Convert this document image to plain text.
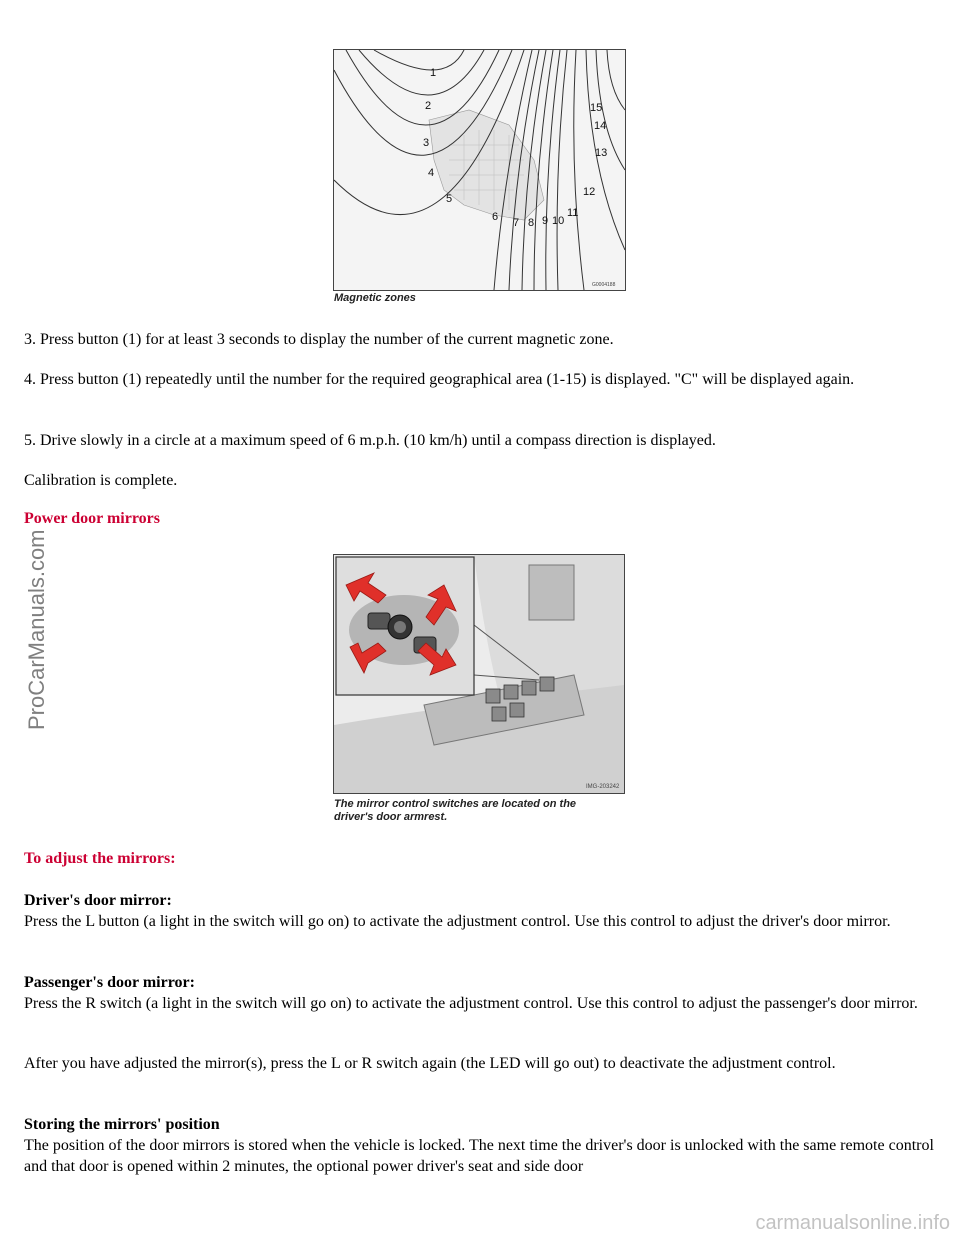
1
2
3
4
5
6 7 8 9 10
11
12
13
14
15
G0004188
Magnetic zones

3. Press button (1) for at least 3 seconds to display the number of the current magnetic zone.

4. Press button (1) repeatedly until the number for the required geographical area (1-15) is displayed. "C" will be displayed again.

5. Drive slowly in a circle at a maximum speed of 6 m.p.h. (10 km/h) until a compass direction is displayed.

Calibration is complete.

Power door mirrors
IMG-203242
The mirror control switches are located on the
driver's door armrest.
To adjust the mirrors:
Driver's door mirror:
Press the L button (a light in the switch will go on) to activate the adjustment control. Use this control to adjust the driver's door mirror.
Passenger's door mirror:
Press the R switch (a light in the switch will go on) to activate the adjustment control. Use this control to adjust the passenger's door mirror.

After you have adjusted the mirror(s), press the L or R switch again (the LED will go out) to deactivate the adjustment control.

Storing the mirrors' position
The position of the door mirrors is stored when the vehicle is locked. The next time the driver's door is unlocked with the same remote control and that door is opened within 2 minutes, the optional power driver's seat and side door
ProCarManuals.com
carmanualsonline.info
